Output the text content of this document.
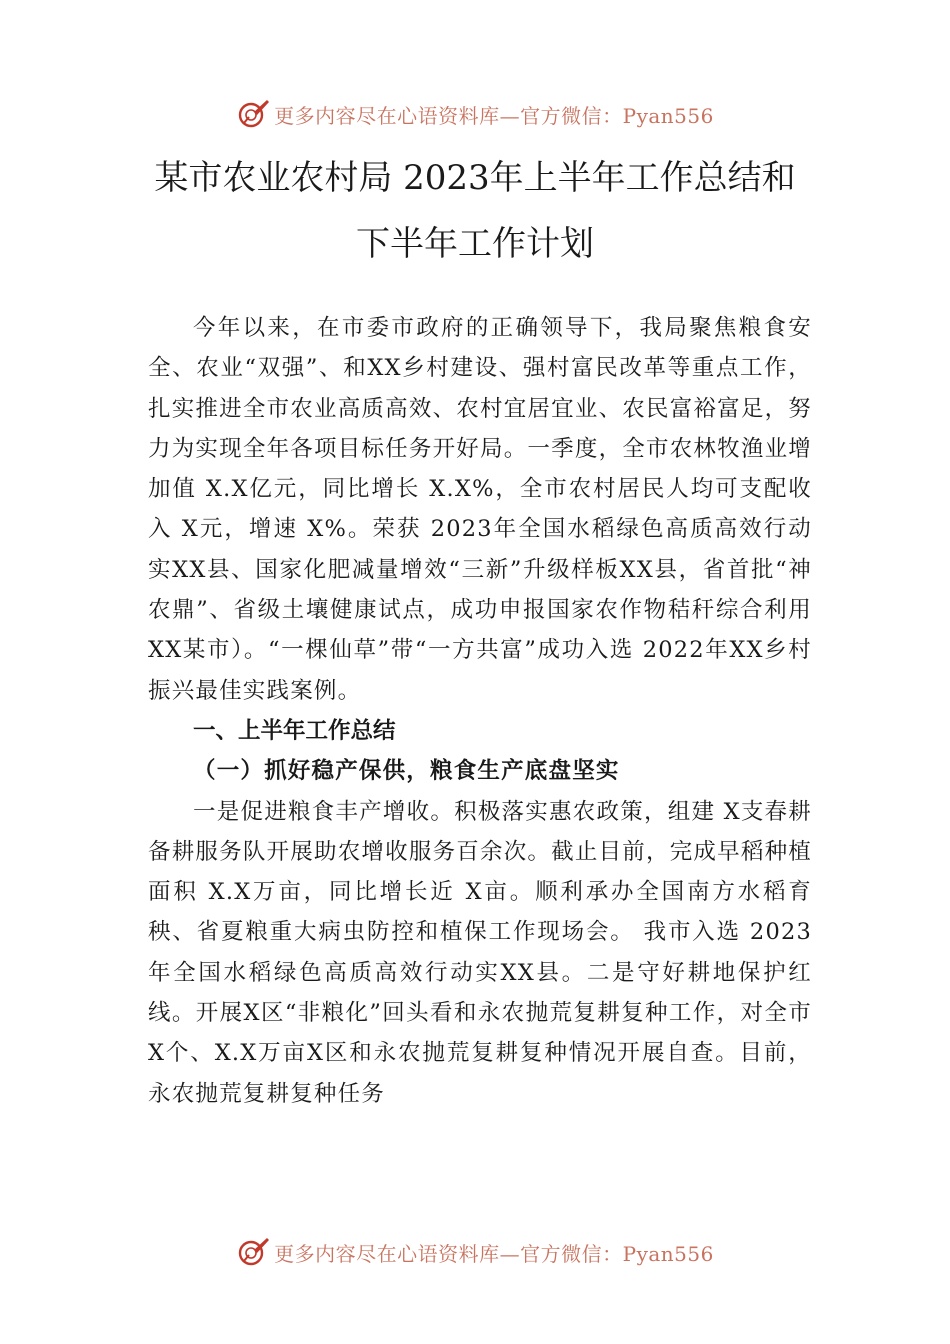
更多内容尽在心语资料库—官方微信：Pyan556
某市农业农村局 2023年上半年工作总结和
下半年工作计划

今年以来，在市委市政府的正确领导下，我局聚焦粮食安全、农业“双强”、和XX乡村建设、强村富民改革等重点工作，扎实推进全市农业高质高效、农村宜居宜业、农民富裕富足，努力为实现全年各项目标任务开好局。一季度，全市农林牧渔业增加值 X.X亿元，同比增长 X.X%，全市农村居民人均可支配收入 X元，增速 X%。荣获 2023年全国水稻绿色高质高效行动实XX县、国家化肥减量增效“三新”升级样板XX县，省首批“神农鼎”、省级土壤健康试点，成功申报国家农作物秸秆综合利用XX某市）。“一棵仙草”带“一方共富”成功入选 2022年XX乡村振兴最佳实践案例。

一、上半年工作总结

（一）抓好稳产保供，粮食生产底盘坚实

一是促进粮食丰产增收。积极落实惠农政策，组建 X支春耕备耕服务队开展助农增收服务百余次。截止目前，完成早稻种植面积 X.X万亩，同比增长近 X亩。顺利承办全国南方水稻育秧、省夏粮重大病虫防控和植保工作现场会。 我市入选 2023 年全国水稻绿色高质高效行动实XX县。二是守好耕地保护红线。开展X区“非粮化”回头看和永农抛荒复耕复种工作，对全市 X个、X.X万亩X区和永农抛荒复耕复种情况开展自查。目前，永农抛荒复耕复种任务

更多内容尽在心语资料库—官方微信：Pyan556
